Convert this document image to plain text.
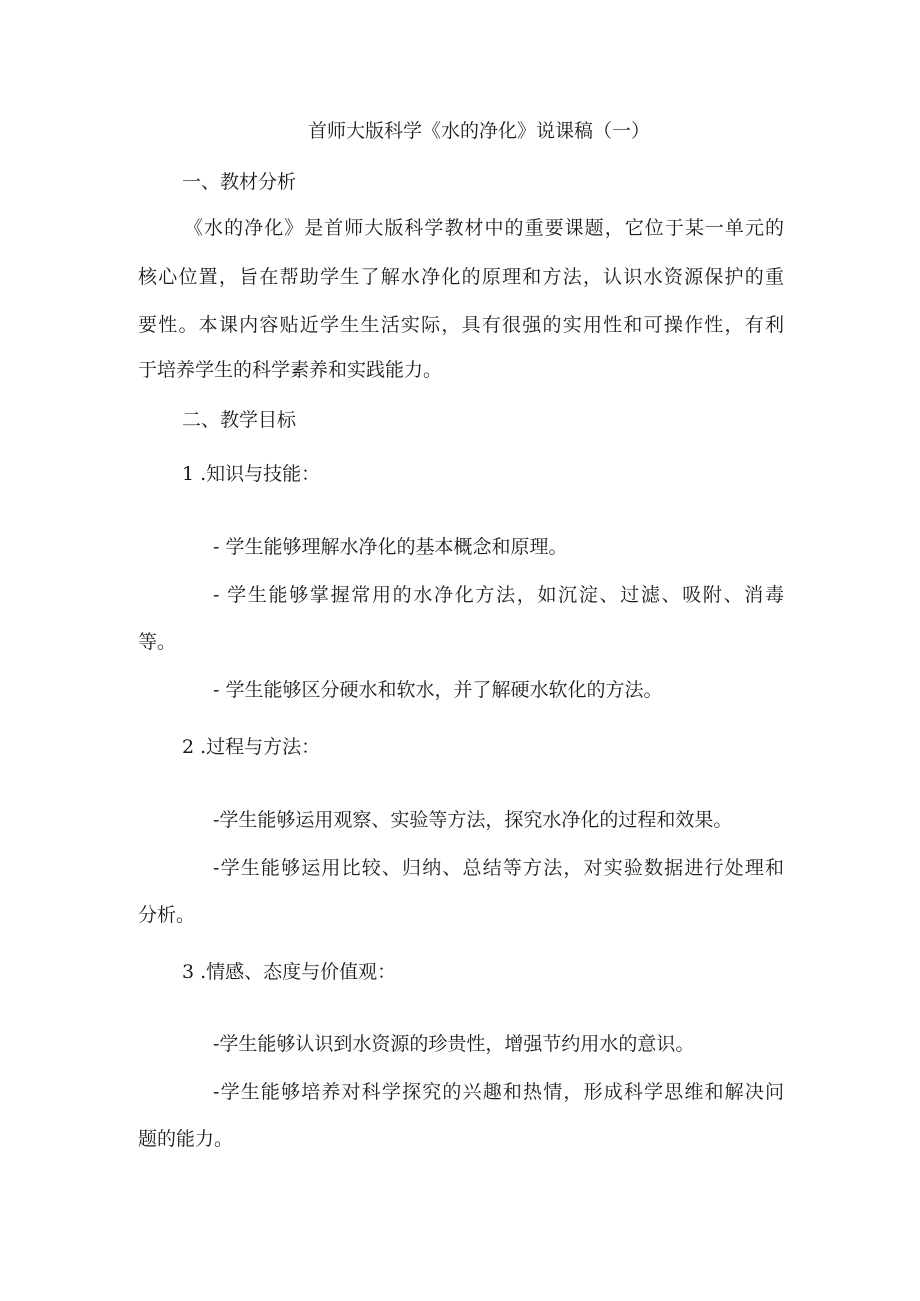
首师大版科学《水的净化》说课稿（一）

一、教材分析

《水的净化》是首师大版科学教材中的重要课题，它位于某一单元的

核心位置，旨在帮助学生了解水净化的原理和方法，认识水资源保护的重

要性。本课内容贴近学生生活实际，具有很强的实用性和可操作性，有利

于培养学生的科学素养和实践能力。

二、教学目标

1 .知识与技能：

- 学生能够理解水净化的基本概念和原理。

- 学生能够掌握常用的水净化方法，如沉淀、过滤、吸附、消毒

等。

- 学生能够区分硬水和软水，并了解硬水软化的方法。

2 .过程与方法：

-学生能够运用观察、实验等方法，探究水净化的过程和效果。

-学生能够运用比较、归纳、总结等方法，对实验数据进行处理和

分析。

3 .情感、态度与价值观：

-学生能够认识到水资源的珍贵性，增强节约用水的意识。

-学生能够培养对科学探究的兴趣和热情，形成科学思维和解决问

题的能力。
